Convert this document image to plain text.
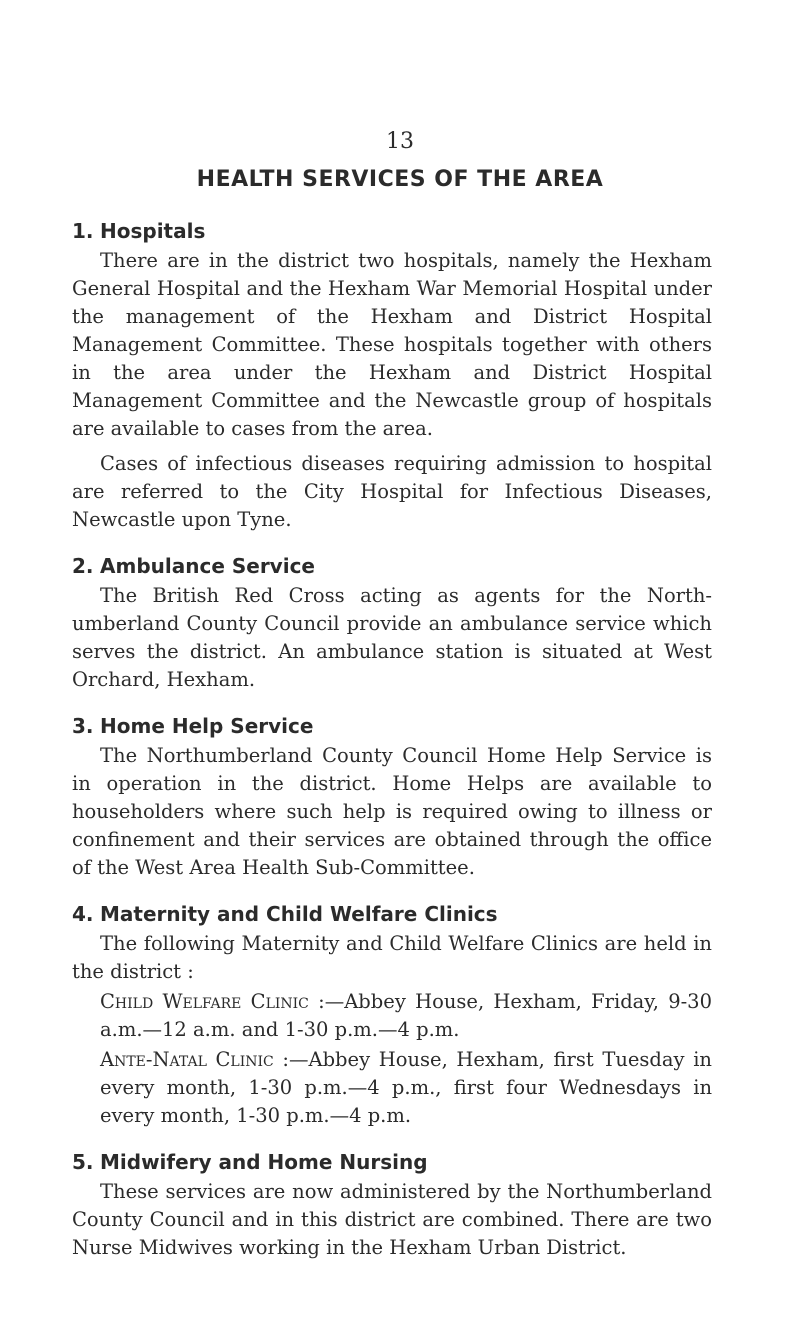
13
HEALTH SERVICES OF THE AREA
1. Hospitals

There are in the district two hospitals, namely the Hexham General Hospital and the Hexham War Memorial Hospital under the management of the Hexham and District Hospital Management Committee. These hospitals together with others in the area under the Hexham and District Hospital Management Committee and the Newcastle group of hospitals are available to cases from the area.

Cases of infectious diseases requiring admission to hospital are referred to the City Hospital for Infectious Diseases, Newcastle upon Tyne.

2. Ambulance Service

The British Red Cross acting as agents for the Northumberland County Council provide an ambulance service which serves the district. An ambulance station is situated at West Orchard, Hexham.

3. Home Help Service

The Northumberland County Council Home Help Service is in operation in the district. Home Helps are available to householders where such help is required owing to illness or confinement and their services are obtained through the office of the West Area Health Sub-Committee.

4. Maternity and Child Welfare Clinics

The following Maternity and Child Welfare Clinics are held in the district :

Child Welfare Clinic :—Abbey House, Hexham, Friday, 9-30 a.m.—12 a.m. and 1-30 p.m.—4 p.m.

Ante-Natal Clinic :—Abbey House, Hexham, first Tuesday in every month, 1-30 p.m.—4 p.m., first four Wednesdays in every month, 1-30 p.m.—4 p.m.

5. Midwifery and Home Nursing

These services are now administered by the Northumberland County Council and in this district are combined. There are two Nurse Midwives working in the Hexham Urban District.
